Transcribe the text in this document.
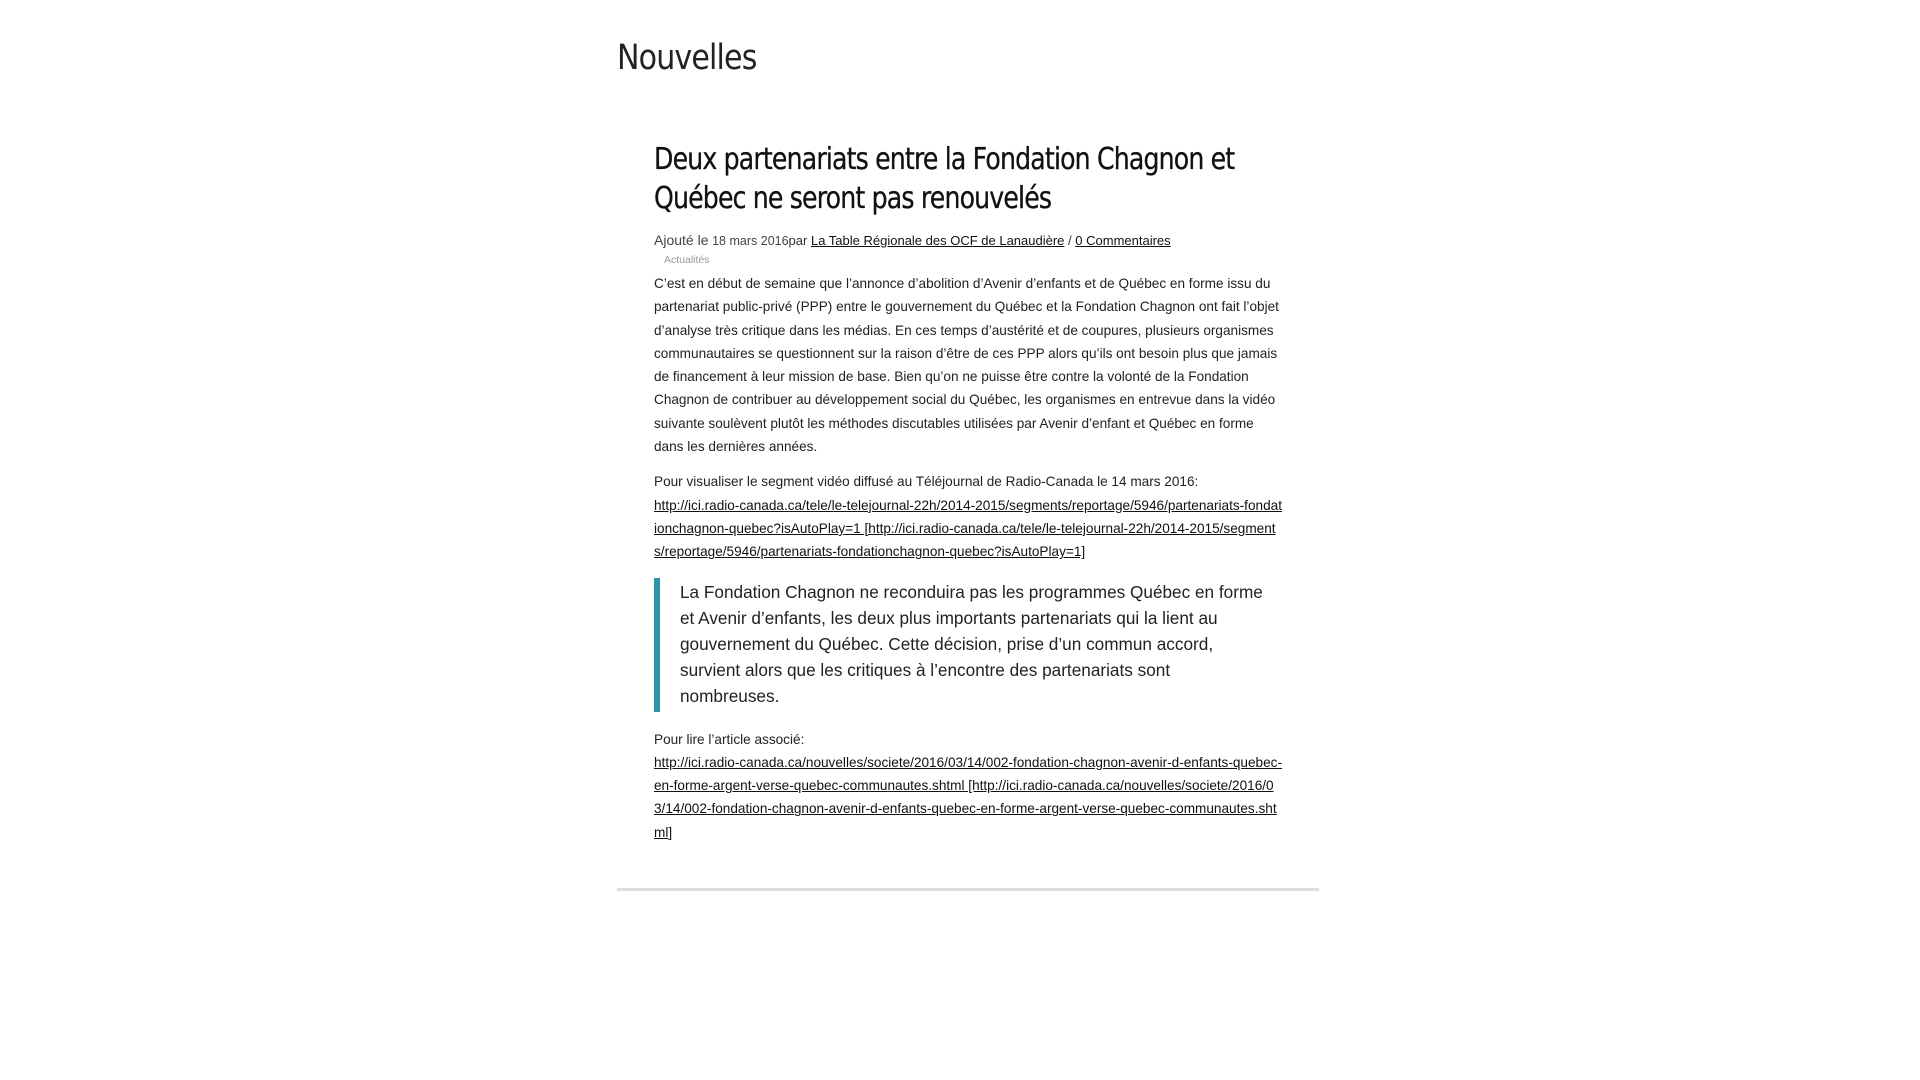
Nouvelles
Deux partenariats entre la Fondation Chagnon et Québec ne seront pas renouvelés
Ajouté le 18 mars 2016par La Table Régionale des OCF de Lanaudière / 0 Commentaires
Actualités

C’est en début de semaine que l’annonce d’abolition d’Avenir d’enfants et de Québec en forme issu du partenariat public-privé (PPP) entre le gouvernement du Québec et la Fondation Chagnon ont fait l’objet d’analyse très critique dans les médias. En ces temps d’austérité et de coupures, plusieurs organismes communautaires se questionnent sur la raison d’être de ces PPP alors qu’ils ont besoin plus que jamais de financement à leur mission de base. Bien qu’on ne puisse être contre la volonté de la Fondation Chagnon de contribuer au développement social du Québec, les organismes en entrevue dans la vidéo suivante soulèvent plutôt les méthodes discutables utilisées par Avenir d’enfant et Québec en forme dans les dernières années.

Pour visualiser le segment vidéo diffusé au Téléjournal de Radio-Canada le 14 mars 2016:
http://ici.radio-canada.ca/tele/le-telejournal-22h/2014-2015/segments/reportage/5946/partenariats-fondationchagnon-quebec?isAutoPlay=1 [http://ici.radio-canada.ca/tele/le-telejournal-22h/2014-2015/segments/reportage/5946/partenariats-fondationchagnon-quebec?isAutoPlay=1]

La Fondation Chagnon ne reconduira pas les programmes Québec en forme et Avenir d’enfants, les deux plus importants partenariats qui la lient au gouvernement du Québec. Cette décision, prise d’un commun accord, survient alors que les critiques à l’encontre des partenariats sont nombreuses.

Pour lire l’article associé:
http://ici.radio-canada.ca/nouvelles/societe/2016/03/14/002-fondation-chagnon-avenir-d-enfants-quebec-en-forme-argent-verse-quebec-communautes.shtml [http://ici.radio-canada.ca/nouvelles/societe/2016/03/14/002-fondation-chagnon-avenir-d-enfants-quebec-en-forme-argent-verse-quebec-communautes.shtml]
